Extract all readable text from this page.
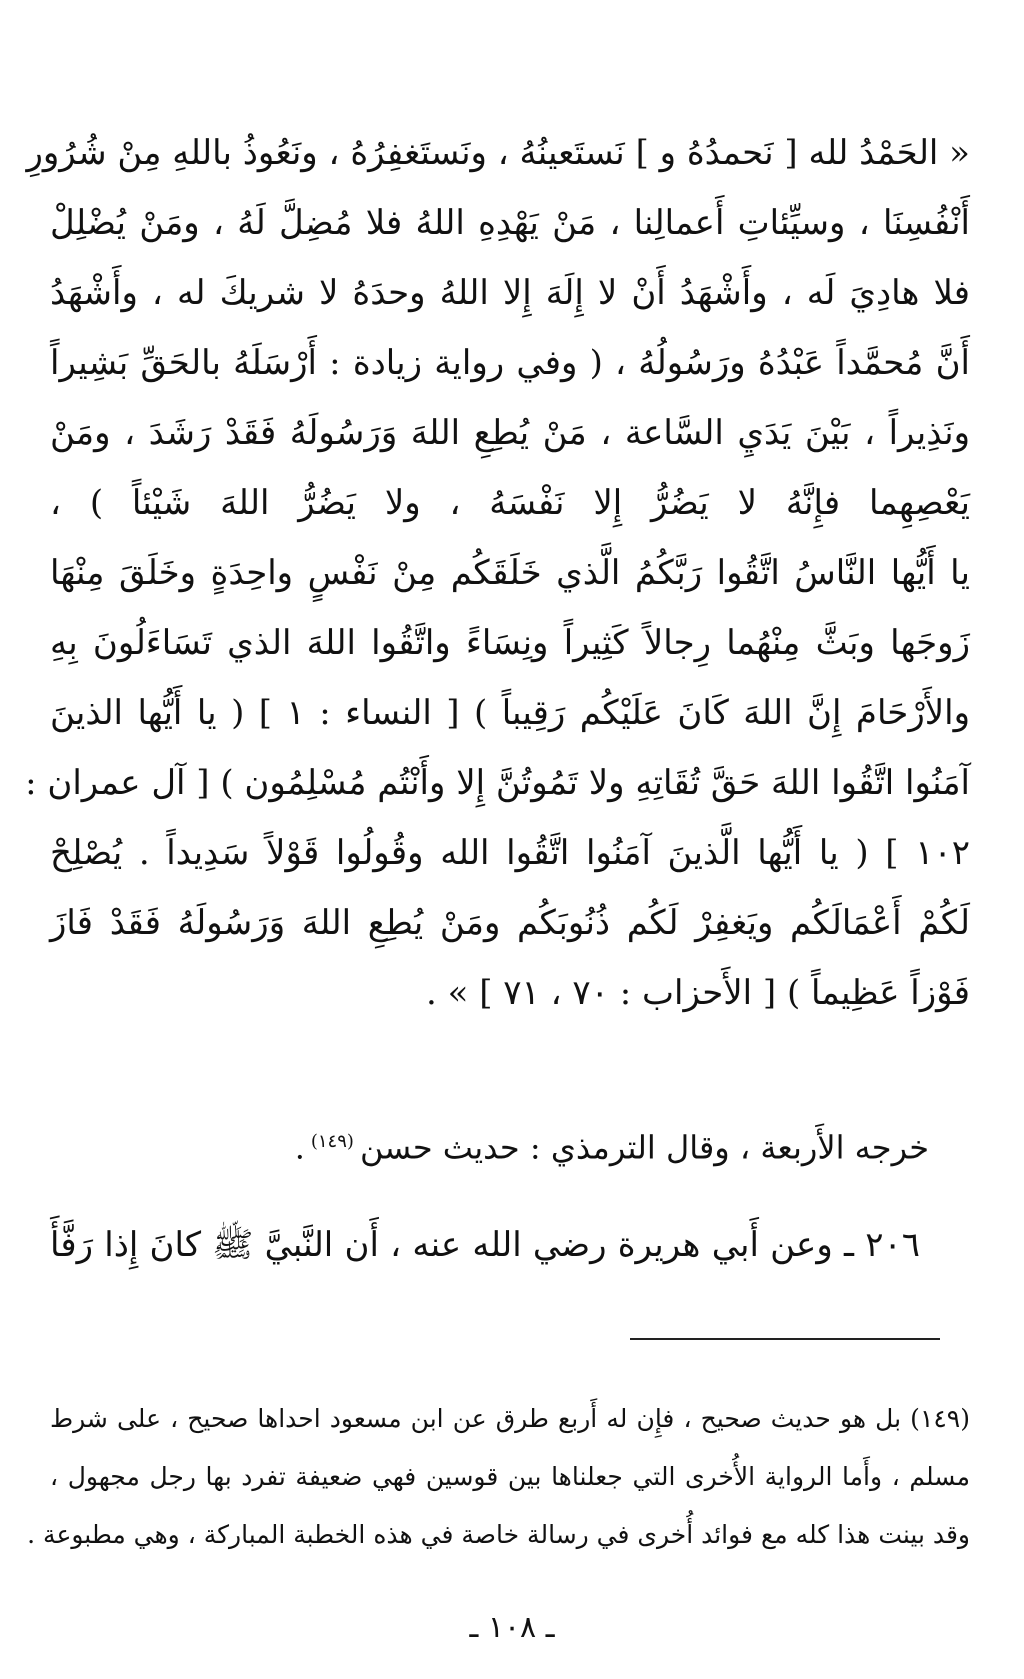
« الحَمْدُ لله [ نَحمدُهُ و ] نَستَعينُهُ ، ونَستَغفِرُهُ ، ونَعُوذُ باللهِ مِنْ شُرُورِ
أَنْفُسِنَا ، وسيِّئاتِ أَعمالِنا ، مَنْ يَهْدِهِ اللهُ فلا مُضِلَّ لَهُ ، ومَنْ يُضْلِلْ
فلا هادِيَ لَه ، وأَشْهَدُ أَنْ لا إِلَهَ إِلا اللهُ وحدَهُ لا شريكَ له ، وأَشْهَدُ
أَنَّ مُحمَّداً عَبْدُهُ ورَسُولُهُ ، ( وفي رواية زيادة : أَرْسَلَهُ بالحَقِّ بَشِيراً
ونَذِيراً ، بَيْنَ يَدَيِ السَّاعة ، مَنْ يُطِعِ اللهَ وَرَسُولَهُ فَقَدْ رَشَدَ ، ومَنْ
يَعْصِهِما فإِنَّهُ لا يَضُرُّ إِلا نَفْسَهُ ، ولا يَضُرُّ اللهَ شَيْئاً ) ،
يا أَيُّها النَّاسُ اتَّقُوا رَبَّكُمُ الَّذي خَلَقَكُم مِنْ نَفْسٍ واحِدَةٍ وخَلَقَ مِنْهَا
زَوجَها وبَثَّ مِنْهُما رِجالاً كَثِيراً ونِسَاءً واتَّقُوا اللهَ الذي تَسَاءَلُونَ بِهِ
والأَرْحَامَ إِنَّ اللهَ كَانَ عَلَيْكُم رَقِيباً ) [ النساء : ١ ] ( يا أَيُّها الذينَ
آمَنُوا اتَّقُوا اللهَ حَقَّ تُقَاتِهِ ولا تَمُوتُنَّ إِلا وأَنْتُم مُسْلِمُون ) [ آل عمران :
١٠٢ ] ( يا أَيُّها الَّذينَ آمَنُوا اتَّقُوا الله وقُولُوا قَوْلاً سَدِيداً . يُصْلِحْ
لَكُمْ أَعْمَالَكُم ويَغفِرْ لَكُم ذُنُوبَكُم ومَنْ يُطِعِ اللهَ وَرَسُولَهُ فَقَدْ فَازَ
فَوْزاً عَظِيماً ) [ الأَحزاب : ٧٠ ، ٧١ ] » .
خرجه الأَربعة ، وقال الترمذي : حديث حسن$^{(١٤٩)}$.
٢٠٦ ـ وعن أَبي هريرة رضي الله عنه ، أَن النَّبيَّ ﷺ كانَ إِذا رَفَّأَ
(١٤٩) بل هو حديث صحيح ، فإِن له أَربع طرق عن ابن مسعود احداها صحيح ، على شرط
مسلم ، وأَما الرواية الأُخرى التي جعلناها بين قوسين فهي ضعيفة تفرد بها رجل مجهول ،
وقد بينت هذا كله مع فوائد أُخرى في رسالة خاصة في هذه الخطبة المباركة ، وهي مطبوعة .
ـ ١٠٨ ـ
